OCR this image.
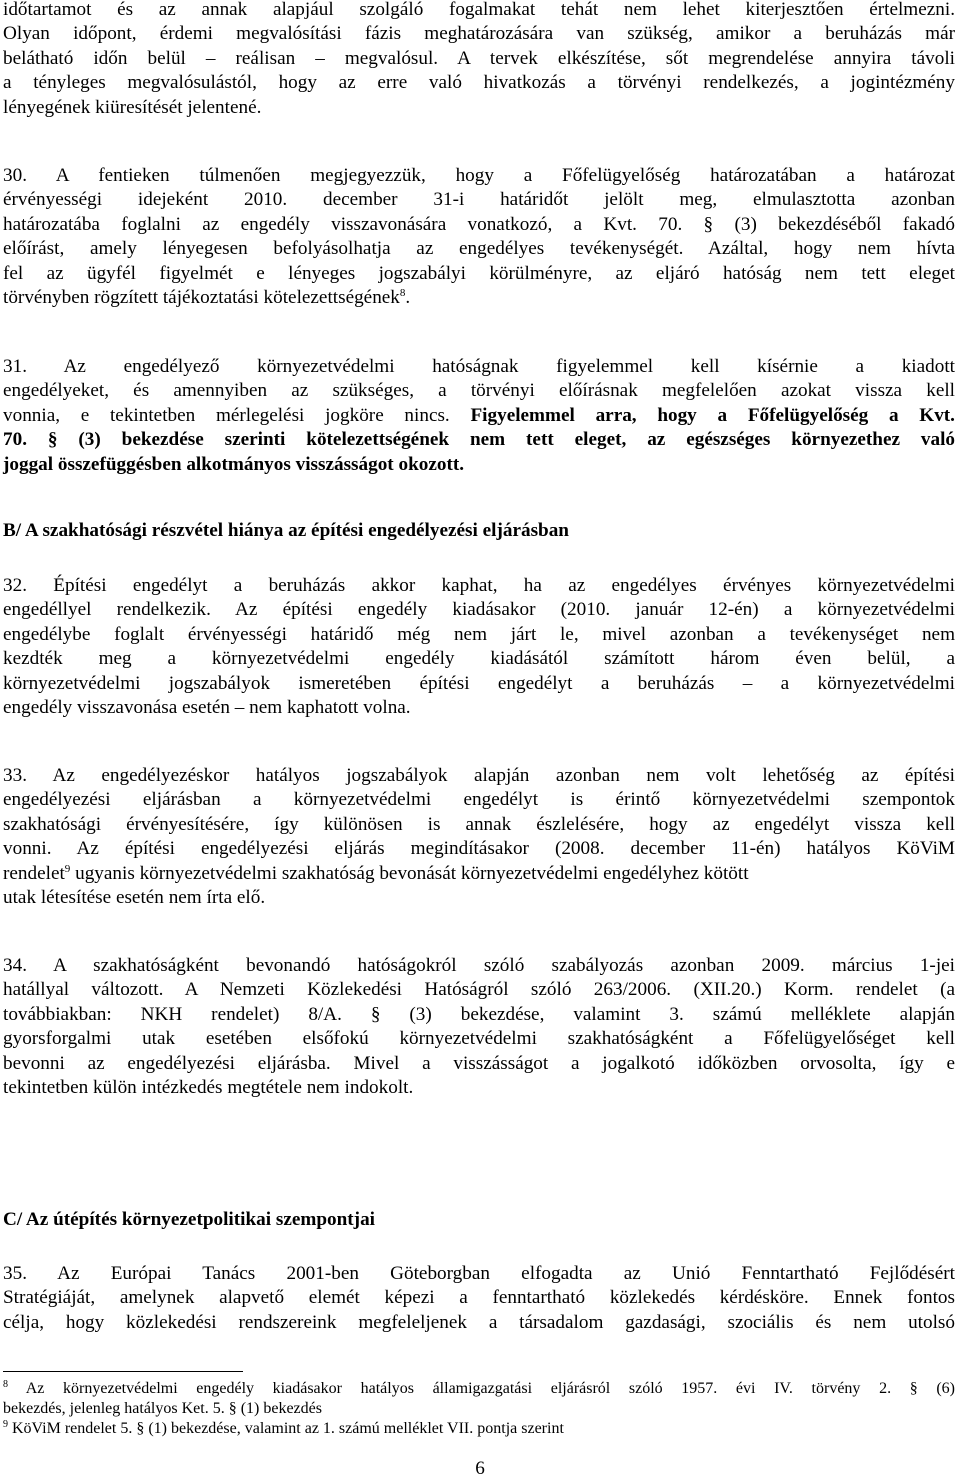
időtartamot és az annak alapjául szolgáló fogalmakat tehát nem lehet kiterjesztően értelmezni.
Olyan időpont, érdemi megvalósítási fázis meghatározására van szükség, amikor a beruházás már
belátható időn belül – reálisan – megvalósul. A tervek elkészítése, sőt megrendelése annyira távoli
a tényleges megvalósulástól, hogy az erre való hivatkozás a törvényi rendelkezés, a jogintézmény
lényegének kiüresítését jelentené.
30. A fentieken túlmenően megjegyezzük, hogy a Főfelügyelőség határozatában a határozat
érvényességi idejeként 2010. december 31-i határidőt jelölt meg, elmulasztotta azonban
határozatába foglalni az engedély visszavonására vonatkozó, a Kvt. 70. § (3) bekezdéséből fakadó
előírást, amely lényegesen befolyásolhatja az engedélyes tevékenységét. Azáltal, hogy nem hívta
fel az ügyfél figyelmét e lényeges jogszabályi körülményre, az eljáró hatóság nem tett eleget
törvényben rögzített tájékoztatási kötelezettségének$^8$.
31. Az engedélyező környezetvédelmi hatóságnak figyelemmel kell kísérnie a kiadott
engedélyeket, és amennyiben az szükséges, a törvényi előírásnak megfelelően azokat vissza kell
vonnia, e tekintetben mérlegelési jogköre nincs. Figyelemmel arra, hogy a Főfelügyelőség a Kvt.
70. § (3) bekezdése szerinti kötelezettségének nem tett eleget, az egészséges környezethez való
joggal összefüggésben alkotmányos visszásságot okozott.
B/ A szakhatósági részvétel hiánya az építési engedélyezési eljárásban
32. Építési engedélyt a beruházás akkor kaphat, ha az engedélyes érvényes környezetvédelmi
engedéllyel rendelkezik. Az építési engedély kiadásakor (2010. január 12-én) a környezetvédelmi
engedélybe foglalt érvényességi határidő még nem járt le, mivel azonban a tevékenységet nem
kezdték meg a környezetvédelmi engedély kiadásától számított három éven belül, a
környezetvédelmi jogszabályok ismeretében építési engedélyt a beruházás – a környezetvédelmi
engedély visszavonása esetén – nem kaphatott volna.
33. Az engedélyezéskor hatályos jogszabályok alapján azonban nem volt lehetőség az építési
engedélyezési eljárásban a környezetvédelmi engedélyt is érintő környezetvédelmi szempontok
szakhatósági érvényesítésére, így különösen is annak észlelésére, hogy az engedélyt vissza kell
vonni. Az építési engedélyezési eljárás megindításakor (2008. december 11-én) hatályos KöViM
rendelet$^9$ ugyanis környezetvédelmi szakhatóság bevonását környezetvédelmi engedélyhez kötött
utak létesítése esetén nem írta elő.
34. A szakhatóságként bevonandó hatóságokról szóló szabályozás azonban 2009. március 1-jei
hatállyal változott. A Nemzeti Közlekedési Hatóságról szóló 263/2006. (XII.20.) Korm. rendelet (a
továbbiakban: NKH rendelet) 8/A. § (3) bekezdése, valamint 3. számú melléklete alapján
gyorsforgalmi utak esetében elsőfokú környezetvédelmi szakhatóságként a Főfelügyelőséget kell
bevonni az engedélyezési eljárásba. Mivel a visszásságot a jogalkotó időközben orvosolta, így e
tekintetben külön intézkedés megtétele nem indokolt.
C/ Az útépítés környezetpolitikai szempontjai
35. Az Európai Tanács 2001-ben Göteborgban elfogadta az Unió Fenntartható Fejlődésért
Stratégiáját, amelynek alapvető elemét képezi a fenntartható közlekedés kérdésköre. Ennek fontos
célja, hogy közlekedési rendszereink megfeleljenek a társadalom gazdasági, szociális és nem utolsó
$^8$ Az környezetvédelmi engedély kiadásakor hatályos államigazgatási eljárásról szóló 1957. évi IV. törvény 2. § (6)
bekezdés, jelenleg hatályos Ket. 5. § (1) bekezdés
$^9$ KöViM rendelet 5. § (1) bekezdése, valamint az 1. számú melléklet VII. pontja szerint
6
